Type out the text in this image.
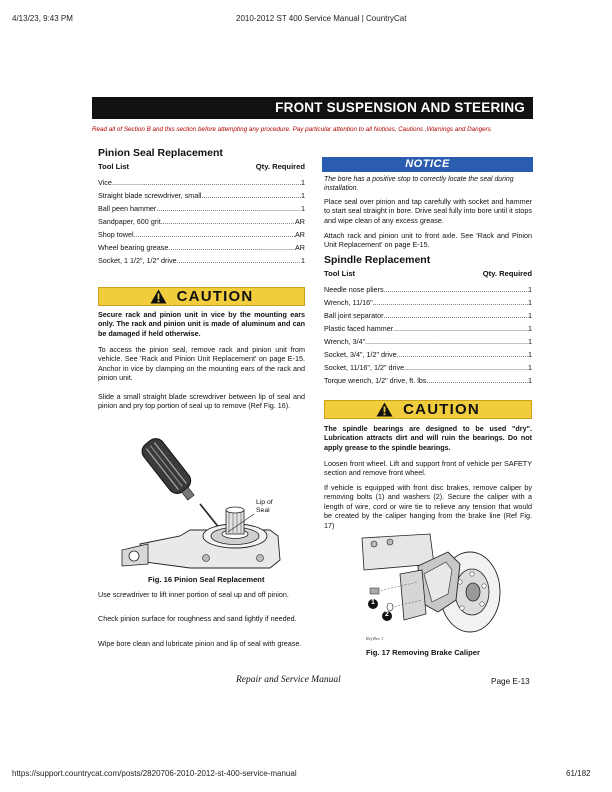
4/13/23, 9:43 PM	2010-2012 ST 400 Service Manual | CountryCat
https://support.countrycat.com/posts/2820706-2010-2012-st-400-service-manual	61/182
FRONT SUSPENSION AND STEERING
Read all of Section B and this section before attempting any procedure. Pay particular attention to all Notices, Cautions ,Warnings and Dangers
Pinion Seal Replacement
Tool List	Qty. Required
Vice .....	1
Straight blade screwdriver, small .....	1
Ball peen hammer .....	1
Sandpaper, 600 grit .....	AR
Shop towel .....	AR
Wheel bearing grease .....	AR
Socket, 1 1/2", 1/2" drive .....	1
CAUTION
Secure rack and pinion unit in vice by the mounting ears only. The rack and pinion unit is made of aluminum and can be damaged if held otherwise.
To access the pinion seal, remove rack and pinion unit from vehicle. See 'Rack and Pinion Unit Replacement' on page E-15. Anchor in vice by clamping on the mounting ears of the rack and pinion unit.
Slide a small straight blade screwdriver between lip of seal and pinion and pry top portion of seal up to remove (Ref Fig. 16).
Lip of
Seal
Fig. 16 Pinion Seal Replacement
Use screwdriver to lift inner portion of seal up and off pinion.
Check pinion surface for roughness and sand lightly if needed.
Wipe bore clean and lubricate pinion and lip of seal with grease.
NOTICE
The bore has a positive stop to correctly locate the seal during installation.
Place seal over pinion and tap carefully with socket and hammer to start seal straight in bore. Drive seal fully into bore until it stops and wipe clean of any excess grease.
Attach rack and pinion unit to front axle. See 'Rack and Pinion Unit Replacement' on page E-15.
Spindle Replacement
Tool List	Qty. Required
Needle nose pliers .....	1
Wrench, 11/16" .....	1
Ball joint separator .....	1
Plastic faced hammer .....	1
Wrench, 3/4" .....	1
Socket, 3/4", 1/2" drive .....	1
Socket, 11/16", 1/2" drive .....	1
Torque wrench, 1/2" drive, ft. lbs. .....	1
CAUTION
The spindle bearings are designed to be used "dry". Lubrication attracts dirt and will ruin the bearings. Do not apply grease to the spindle bearings.
Loosen front wheel. Lift and support front of vehicle per SAFETY section and remove front wheel.
If vehicle is equipped with front disc brakes, remove caliper by removing bolts (1) and washers (2). Secure the caliper with a length of wire, cord or wire tie to relieve any tension that would be created by the caliper hanging from the brake line (Ref Fig. 17)
1
2
Ref Rev 1
Fig. 17 Removing Brake Caliper
Repair and Service Manual	Page E-13
